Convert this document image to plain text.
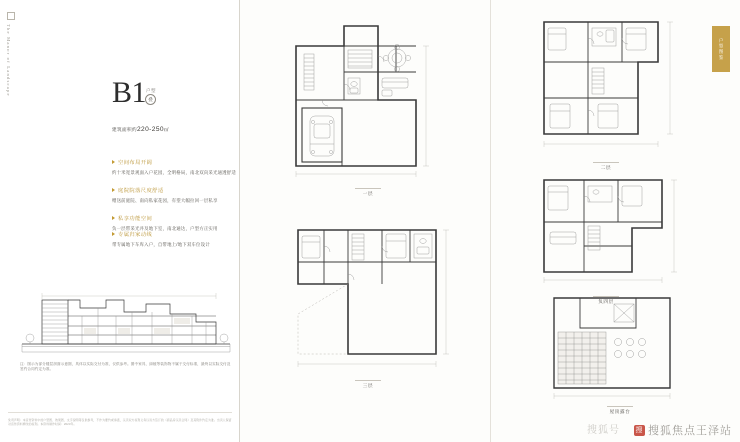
The Manor of Landscape	B1 户型
叠
建筑面积约220-250㎡
空间布局开阔
约十米宽景观面入户花园，全明格局，南北双向采光通透舒适
庭院院落尺度舒适
赠送前庭院、南向私家花园，有望大幅拉回一层私享
私享功能空间
负一层带采光井及地下室，南北通达，户型方正实用
专属归家动线
带专属地下车库入户，自带地上/地下双车位设计
注：图示为部分楼层剖面示意图，具体以实际交付为准，仅供参考。图中家具、绿植等装饰物不属于交付标准，最终以实际交付及签约合同约定为准。
免责声明：本宣传资料中的户型图、效果图、文字说明等仅供参考，不作为要约或承诺，买卖双方权利义务以双方签订的《商品房买卖合同》及其附件约定为准。出卖人保留对宣传资料修改的权利。本资料制作时间：2023年。
一层
三层
二层
负四层
屋顶露台
户型图鉴
搜狐号 搜 搜狐焦点王泽站
